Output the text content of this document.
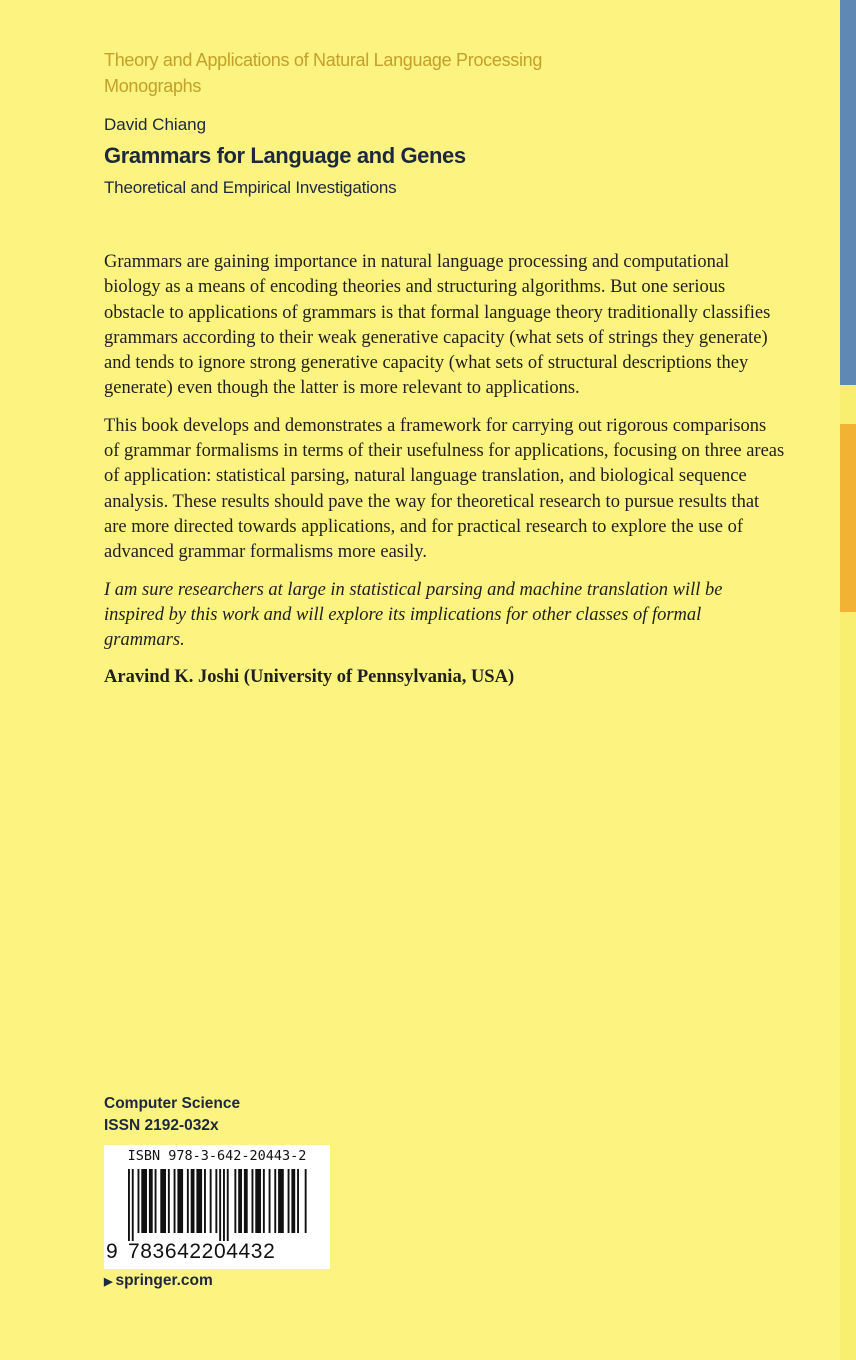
Theory and Applications of Natural Language Processing
Monographs
David Chiang
Grammars for Language and Genes
Theoretical and Empirical Investigations

Grammars are gaining importance in natural language processing and computational biology as a means of encoding theories and structuring algorithms. But one serious obstacle to applications of grammars is that formal language theory traditionally classifies grammars according to their weak generative capacity (what sets of strings they generate) and tends to ignore strong generative capacity (what sets of structural descriptions they generate) even though the latter is more relevant to applications.

This book develops and demonstrates a framework for carrying out rigorous comparisons of grammar formalisms in terms of their usefulness for applications, focusing on three areas of application: statistical parsing, natural language translation, and biological sequence analysis. These results should pave the way for theoretical research to pursue results that are more directed towards applications, and for practical research to explore the use of advanced grammar formalisms more easily.

I am sure researchers at large in statistical parsing and machine translation will be inspired by this work and will explore its implications for other classes of formal grammars.

Aravind K. Joshi (University of Pennsylvania, USA)

Computer Science
ISSN 2192-032x
ISBN 978-3-642-20443-2
9 783642204432
▶ springer.com
